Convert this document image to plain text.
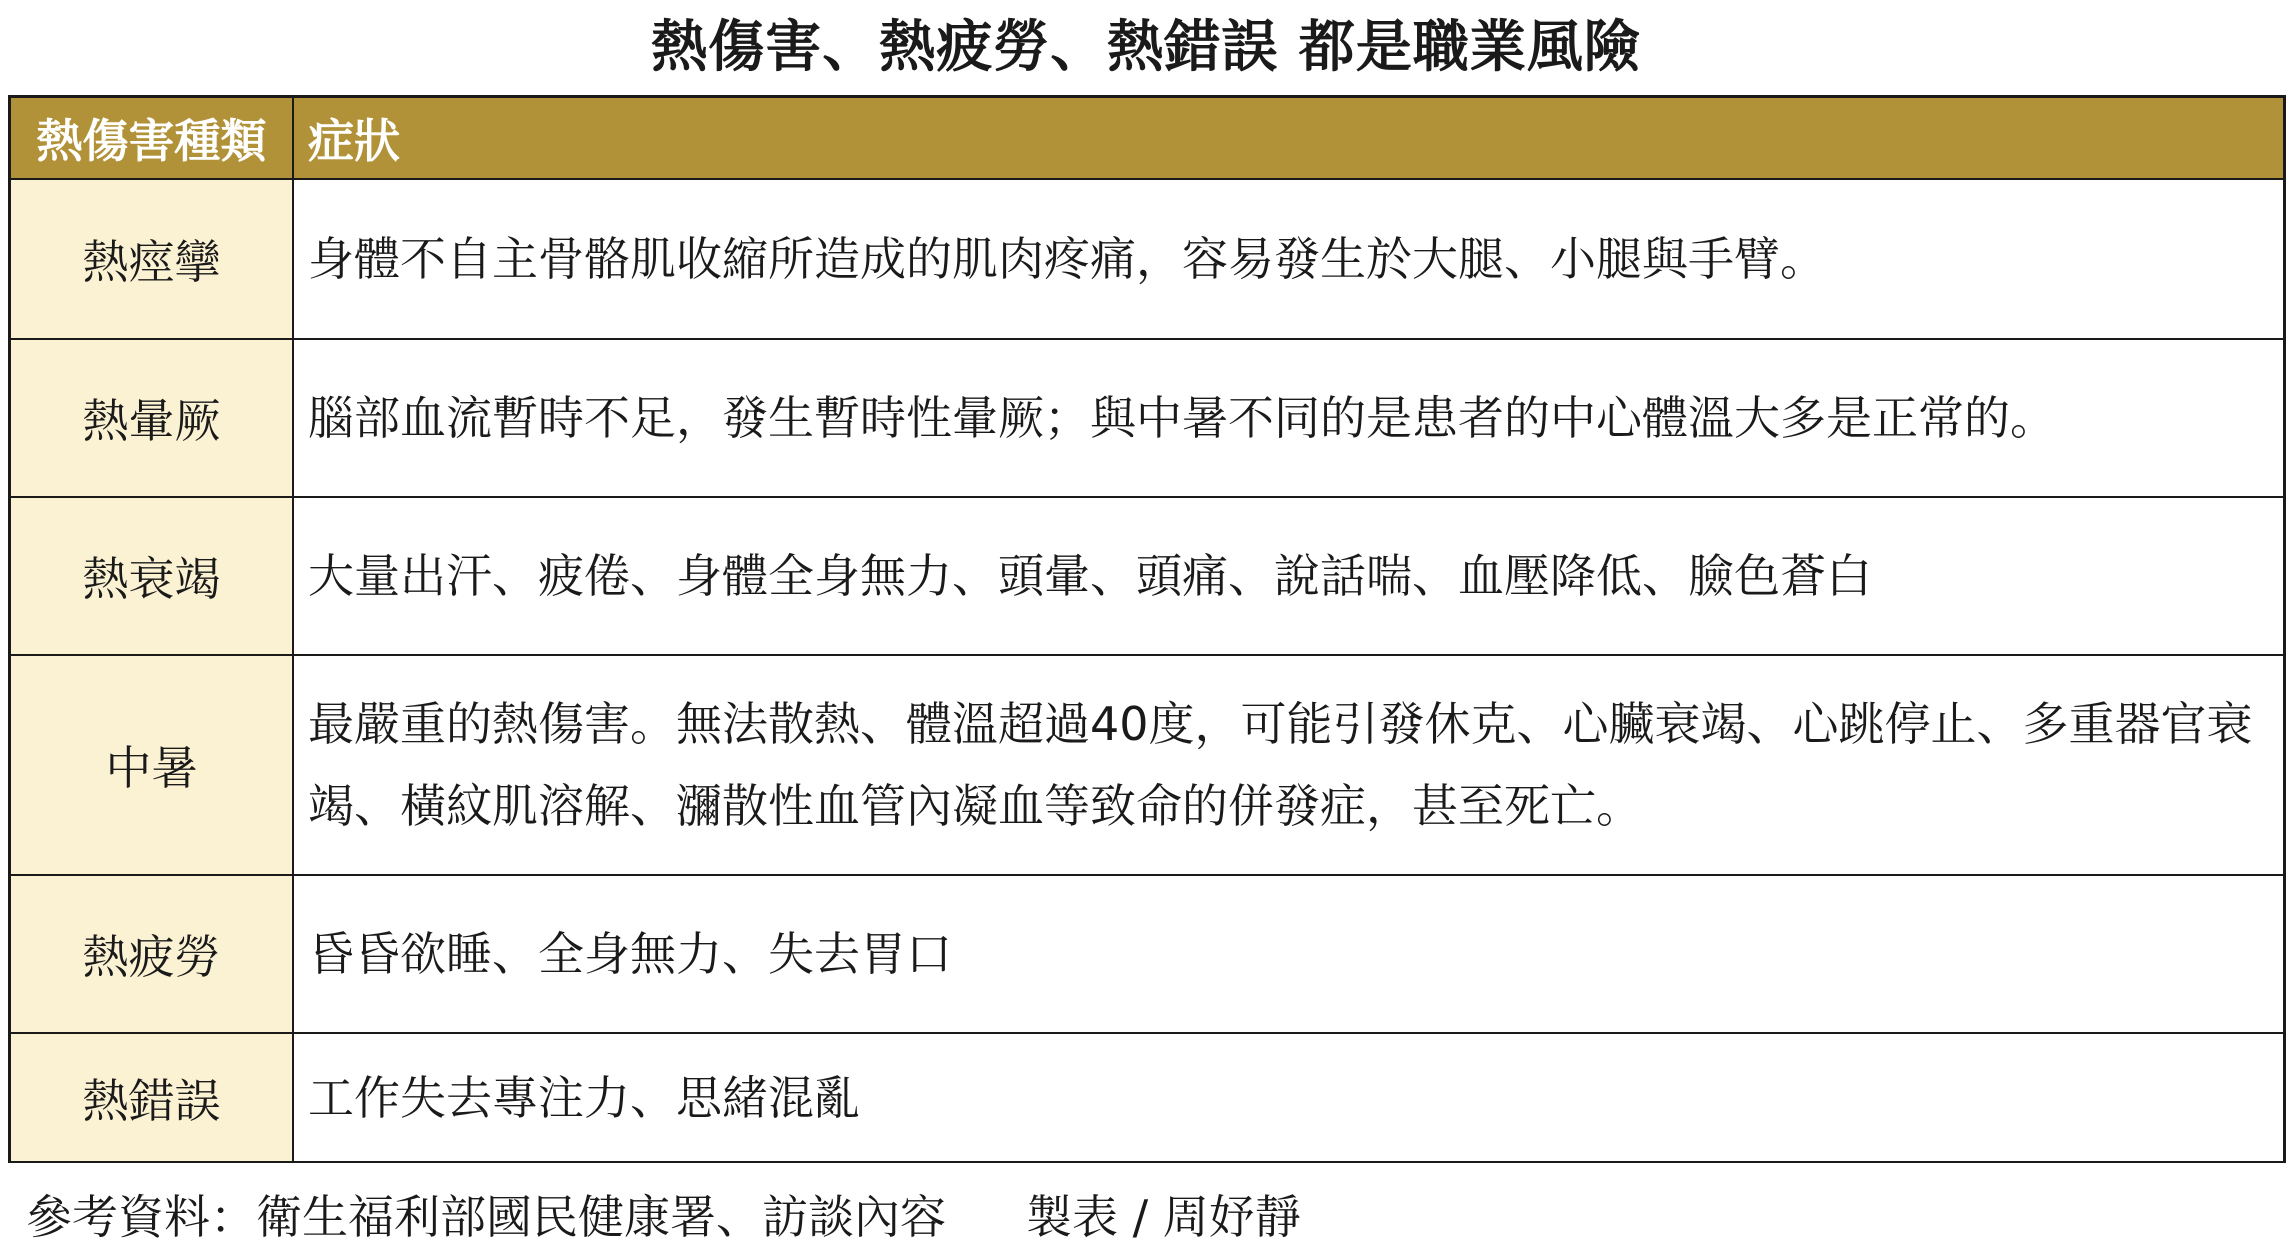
熱傷害、熱疲勞、熱錯誤 都是職業風險
熱傷害種類	症狀
熱痙攣	身體不自主骨骼肌收縮所造成的肌肉疼痛，容易發生於大腿、小腿與手臂。
熱暈厥	腦部血流暫時不足，發生暫時性暈厥；與中暑不同的是患者的中心體溫大多是正常的。
熱衰竭	大量出汗、疲倦、身體全身無力、頭暈、頭痛、說話喘、血壓降低、臉色蒼白
中暑	最嚴重的熱傷害。無法散熱、體溫超過40度，可能引發休克、心臟衰竭、心跳停止、多重器官衰竭、橫紋肌溶解、瀰散性血管內凝血等致命的併發症，甚至死亡。
熱疲勞	昏昏欲睡、全身無力、失去胃口
熱錯誤	工作失去專注力、思緒混亂
參考資料：衛生福利部國民健康署、訪談內容 製表 / 周妤靜
